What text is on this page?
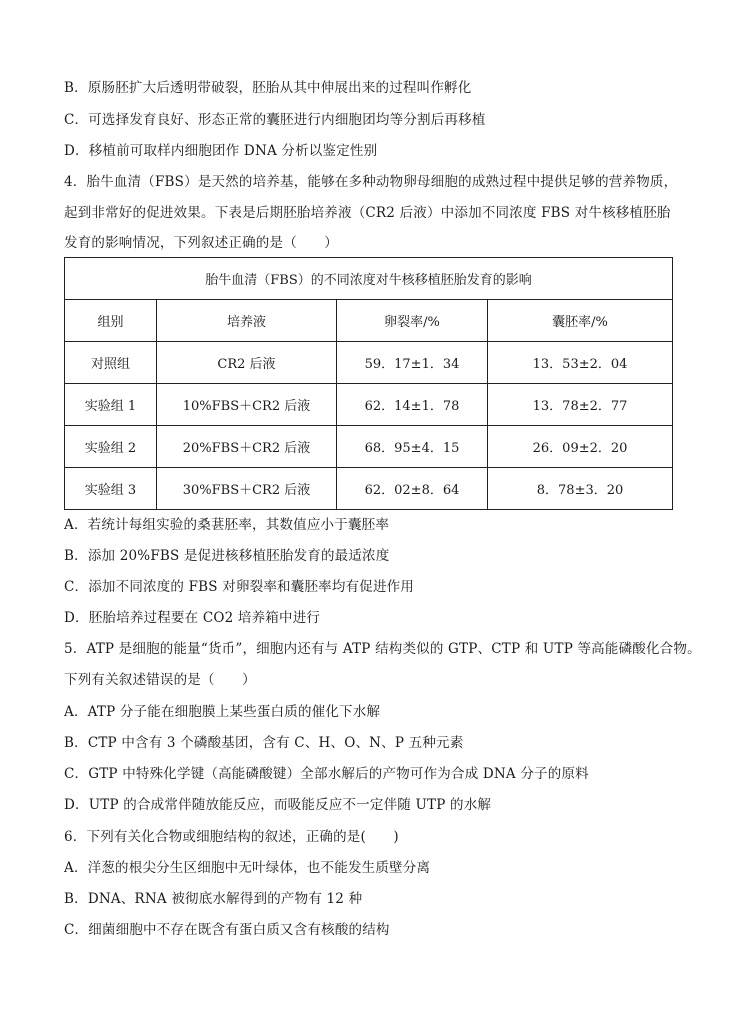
B．原肠胚扩大后透明带破裂，胚胎从其中伸展出来的过程叫作孵化
C．可选择发育良好、形态正常的囊胚进行内细胞团均等分割后再移植
D．移植前可取样内细胞团作 DNA 分析以鉴定性别
4．胎牛血清（FBS）是天然的培养基，能够在多种动物卵母细胞的成熟过程中提供足够的营养物质，
起到非常好的促进效果。下表是后期胚胎培养液（CR2 后液）中添加不同浓度 FBS 对牛核移植胚胎
发育的影响情况，下列叙述正确的是（　　）
胎牛血清（FBS）的不同浓度对牛核移植胚胎发育的影响			
组别	培养液	卵裂率/%	囊胚率/%
对照组	CR2 后液	59．17±1．34	13．53±2．04
实验组 1	10%FBS＋CR2 后液	62．14±1．78	13．78±2．77
实验组 2	20%FBS＋CR2 后液	68．95±4．15	26．09±2．20
实验组 3	30%FBS＋CR2 后液	62．02±8．64	8．78±3．20
A．若统计每组实验的桑葚胚率，其数值应小于囊胚率
B．添加 20%FBS 是促进核移植胚胎发育的最适浓度
C．添加不同浓度的 FBS 对卵裂率和囊胚率均有促进作用
D．胚胎培养过程要在 CO2 培养箱中进行
5．ATP 是细胞的能量“货币”，细胞内还有与 ATP 结构类似的 GTP、CTP 和 UTP 等高能磷酸化合物。
下列有关叙述错误的是（　　）
A．ATP 分子能在细胞膜上某些蛋白质的催化下水解
B．CTP 中含有 3 个磷酸基团，含有 C、H、O、N、P 五种元素
C．GTP 中特殊化学键（高能磷酸键）全部水解后的产物可作为合成 DNA 分子的原料
D．UTP 的合成常伴随放能反应，而吸能反应不一定伴随 UTP 的水解
6．下列有关化合物或细胞结构的叙述，正确的是(　　)
A．洋葱的根尖分生区细胞中无叶绿体，也不能发生质壁分离
B．DNA、RNA 被彻底水解得到的产物有 12 种
C．细菌细胞中不存在既含有蛋白质又含有核酸的结构
